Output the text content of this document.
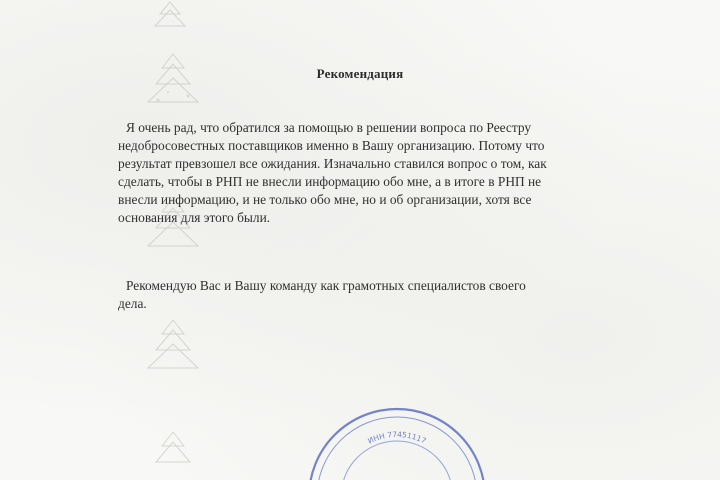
Рекомендация
Я очень рад, что обратился за помощью в решении вопроса по Реестру
недобросовестных поставщиков именно в Вашу организацию. Потому что
результат превзошел все ожидания. Изначально ставился вопрос о том, как
сделать, чтобы в РНП не внесли информацию обо мне, а в итоге в РНП не
внесли информацию, и не только обо мне, но и об организации, хотя все
основания для этого были.
Рекомендую Вас и Вашу команду как грамотных специалистов своего
дела.
ИНН 77451117
